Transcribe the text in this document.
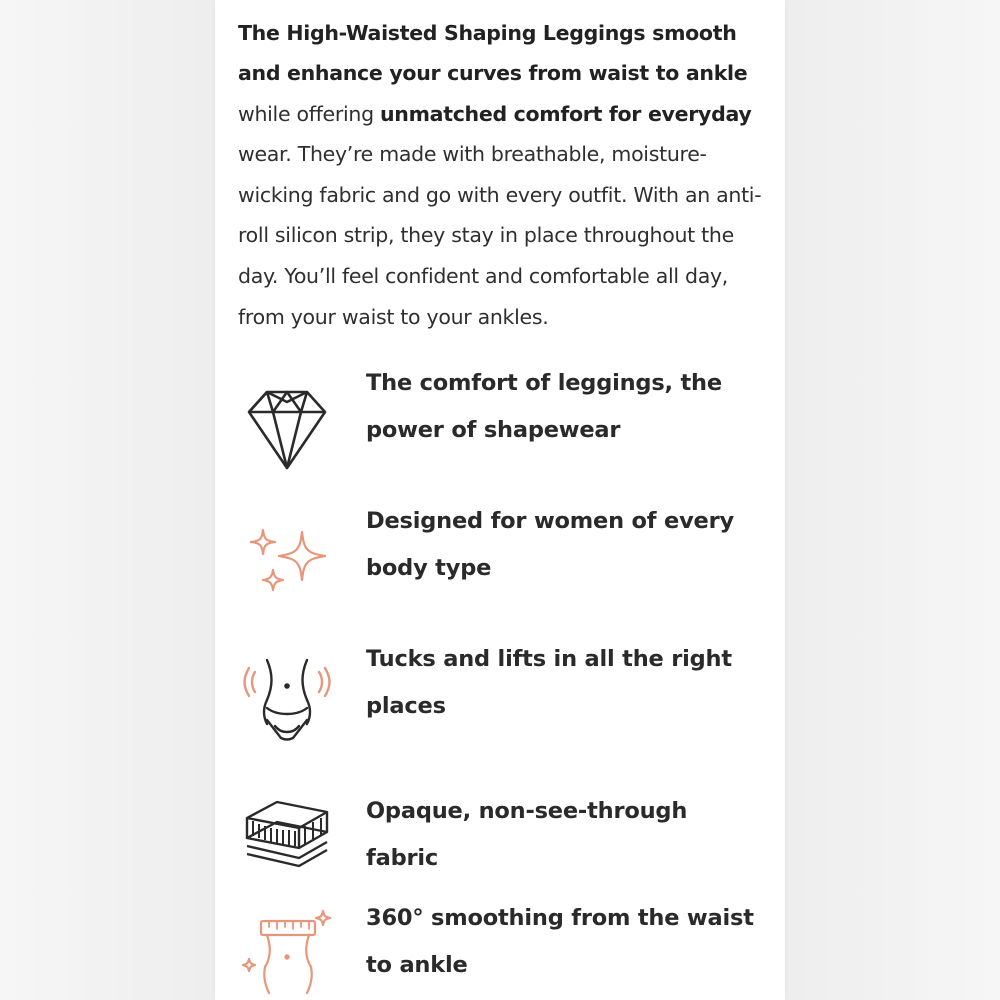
The High-Waisted Shaping Leggings smooth and enhance your curves from waist to ankle while offering unmatched comfort for everyday wear. They’re made with breathable, moisture-wicking fabric and go with every outfit. With an anti-roll silicon strip, they stay in place throughout the day. You’ll feel confident and comfortable all day, from your waist to your ankles.

The comfort of leggings, the power of shapewear
Designed for women of every body type
Tucks and lifts in all the right places
Opaque, non-see-through fabric
360° smoothing from the waist to ankle
